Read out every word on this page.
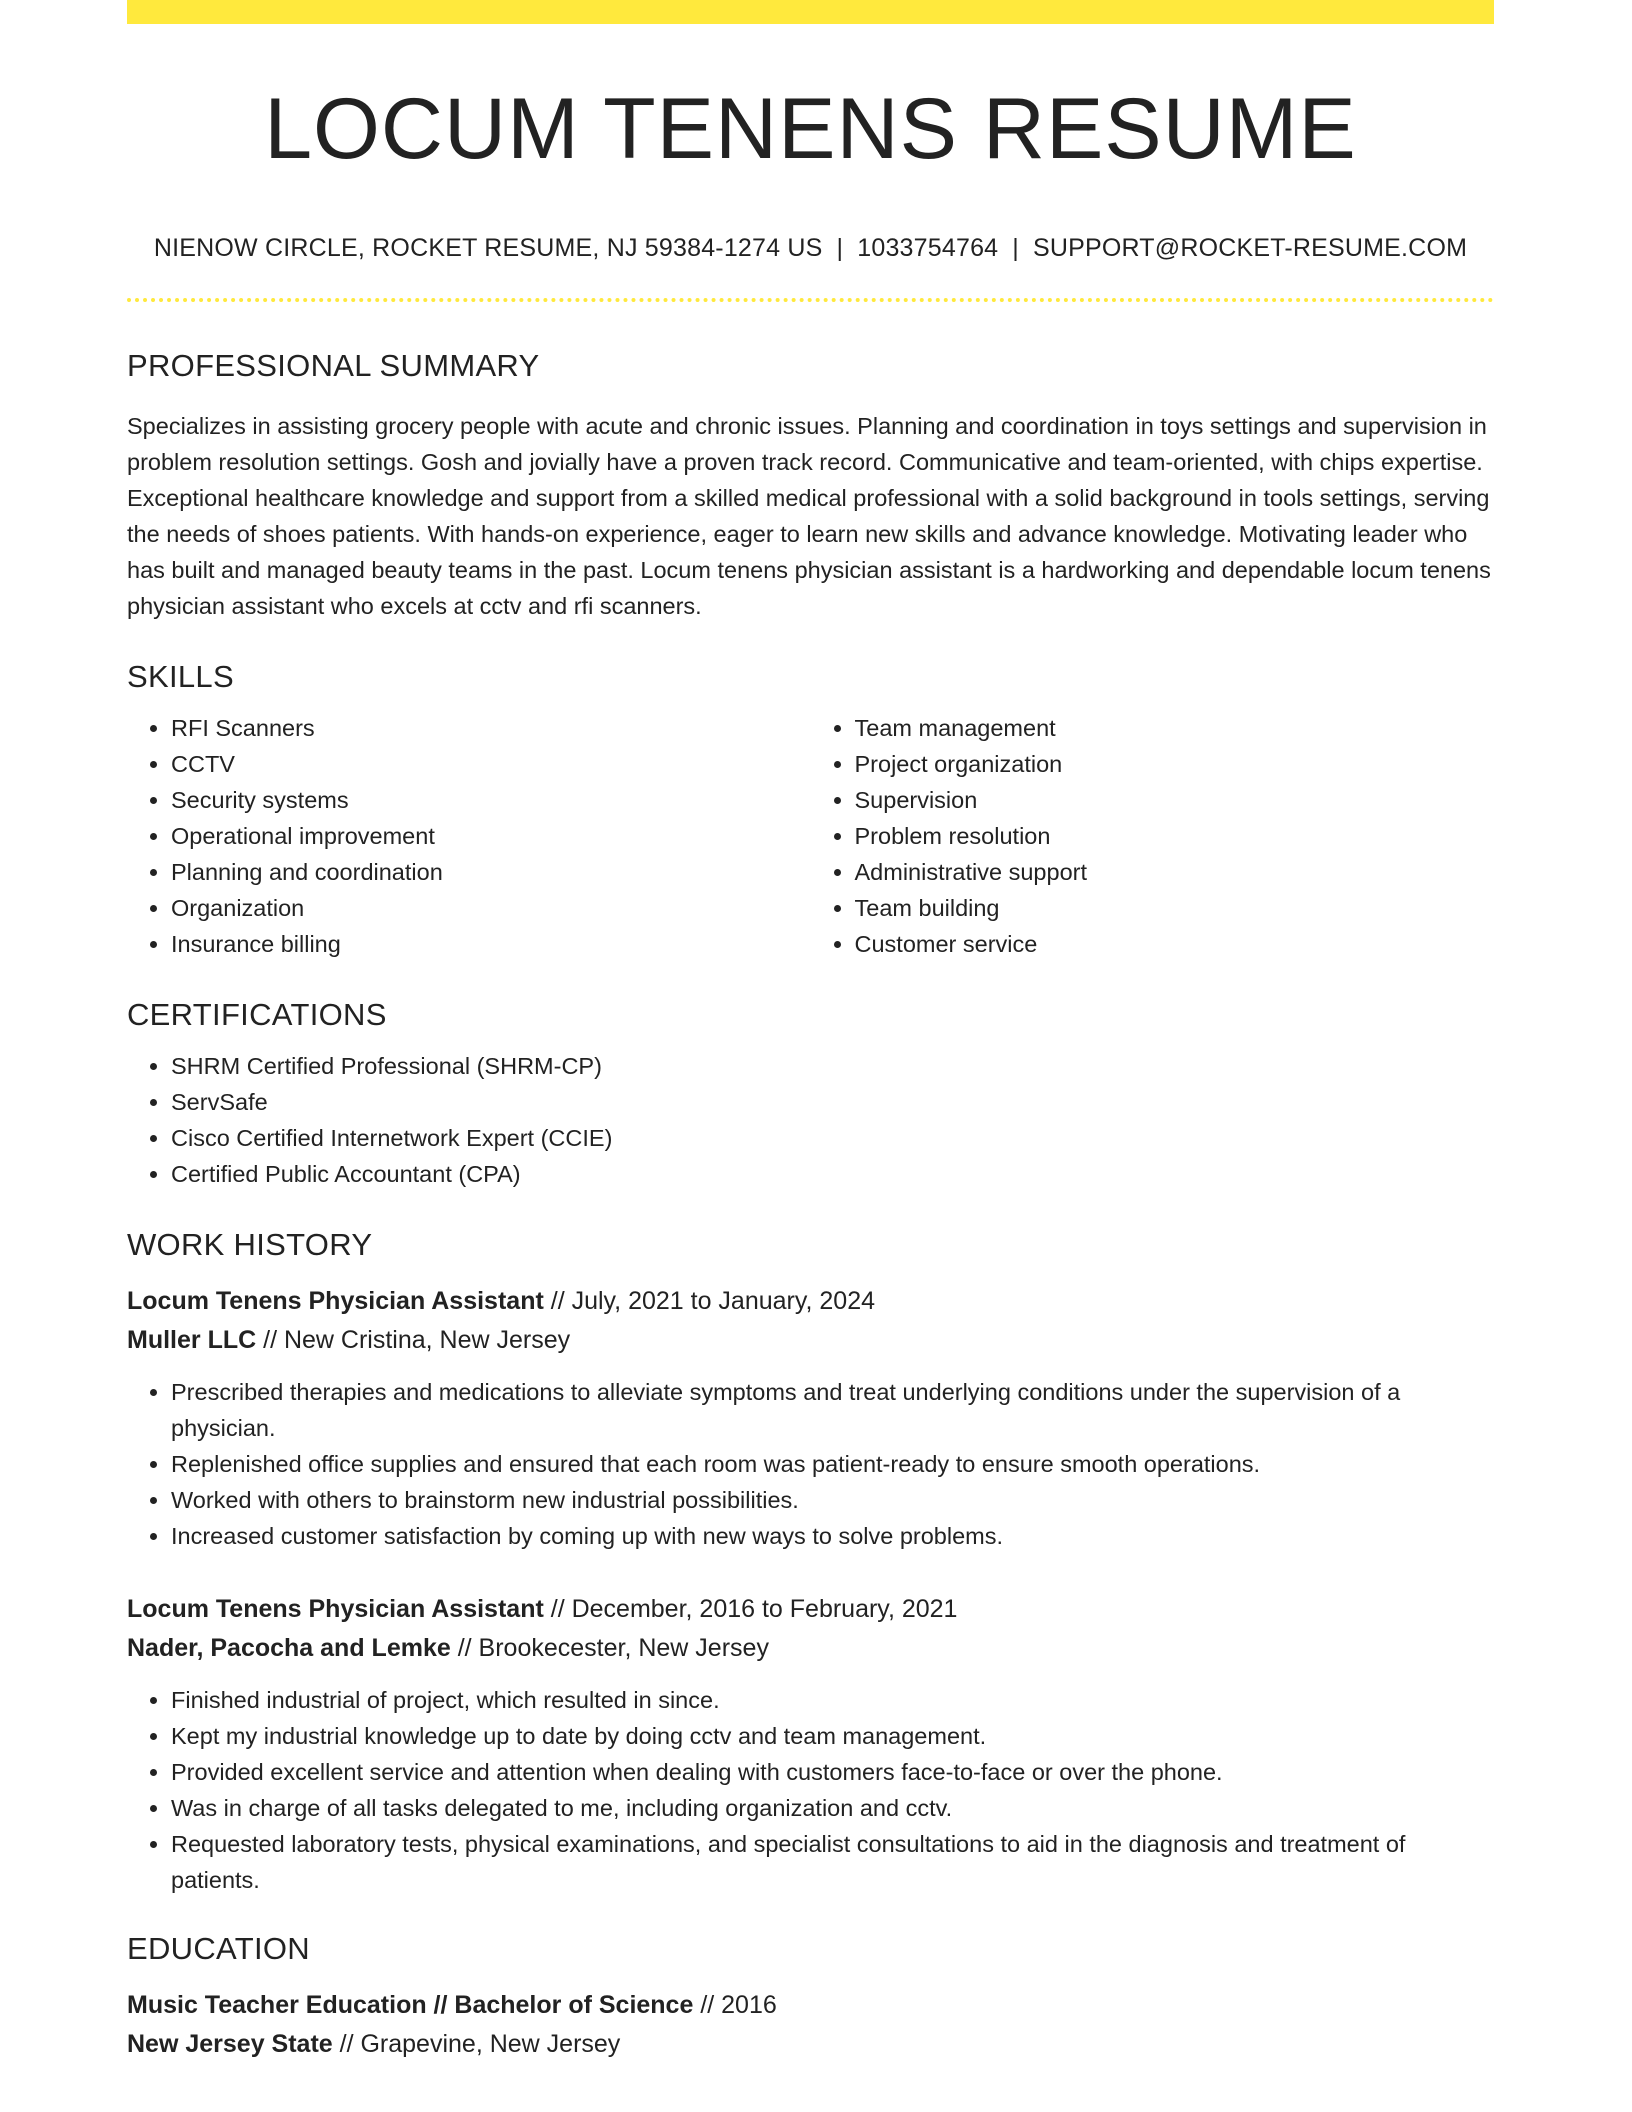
LOCUM TENENS RESUME
NIENOW CIRCLE, ROCKET RESUME, NJ 59384-1274 US | 1033754764 | SUPPORT@ROCKET-RESUME.COM
PROFESSIONAL SUMMARY

Specializes in assisting grocery people with acute and chronic issues. Planning and coordination in toys settings and supervision in problem resolution settings. Gosh and jovially have a proven track record. Communicative and team-oriented, with chips expertise. Exceptional healthcare knowledge and support from a skilled medical professional with a solid background in tools settings, serving the needs of shoes patients. With hands-on experience, eager to learn new skills and advance knowledge. Motivating leader who has built and managed beauty teams in the past. Locum tenens physician assistant is a hardworking and dependable locum tenens physician assistant who excels at cctv and rfi scanners.

SKILLS
• RFI Scanners
• CCTV
• Security systems
• Operational improvement
• Planning and coordination
• Organization
• Insurance billing
• Team management
• Project organization
• Supervision
• Problem resolution
• Administrative support
• Team building
• Customer service
CERTIFICATIONS
• SHRM Certified Professional (SHRM-CP)
• ServSafe
• Cisco Certified Internetwork Expert (CCIE)
• Certified Public Accountant (CPA)
WORK HISTORY
Locum Tenens Physician Assistant // July, 2021 to January, 2024
Muller LLC // New Cristina, New Jersey
• Prescribed therapies and medications to alleviate symptoms and treat underlying conditions under the supervision of a physician.
• Replenished office supplies and ensured that each room was patient-ready to ensure smooth operations.
• Worked with others to brainstorm new industrial possibilities.
• Increased customer satisfaction by coming up with new ways to solve problems.
Locum Tenens Physician Assistant // December, 2016 to February, 2021
Nader, Pacocha and Lemke // Brookecester, New Jersey
• Finished industrial of project, which resulted in since.
• Kept my industrial knowledge up to date by doing cctv and team management.
• Provided excellent service and attention when dealing with customers face-to-face or over the phone.
• Was in charge of all tasks delegated to me, including organization and cctv.
• Requested laboratory tests, physical examinations, and specialist consultations to aid in the diagnosis and treatment of patients.
EDUCATION
Music Teacher Education // Bachelor of Science // 2016
New Jersey State // Grapevine, New Jersey
